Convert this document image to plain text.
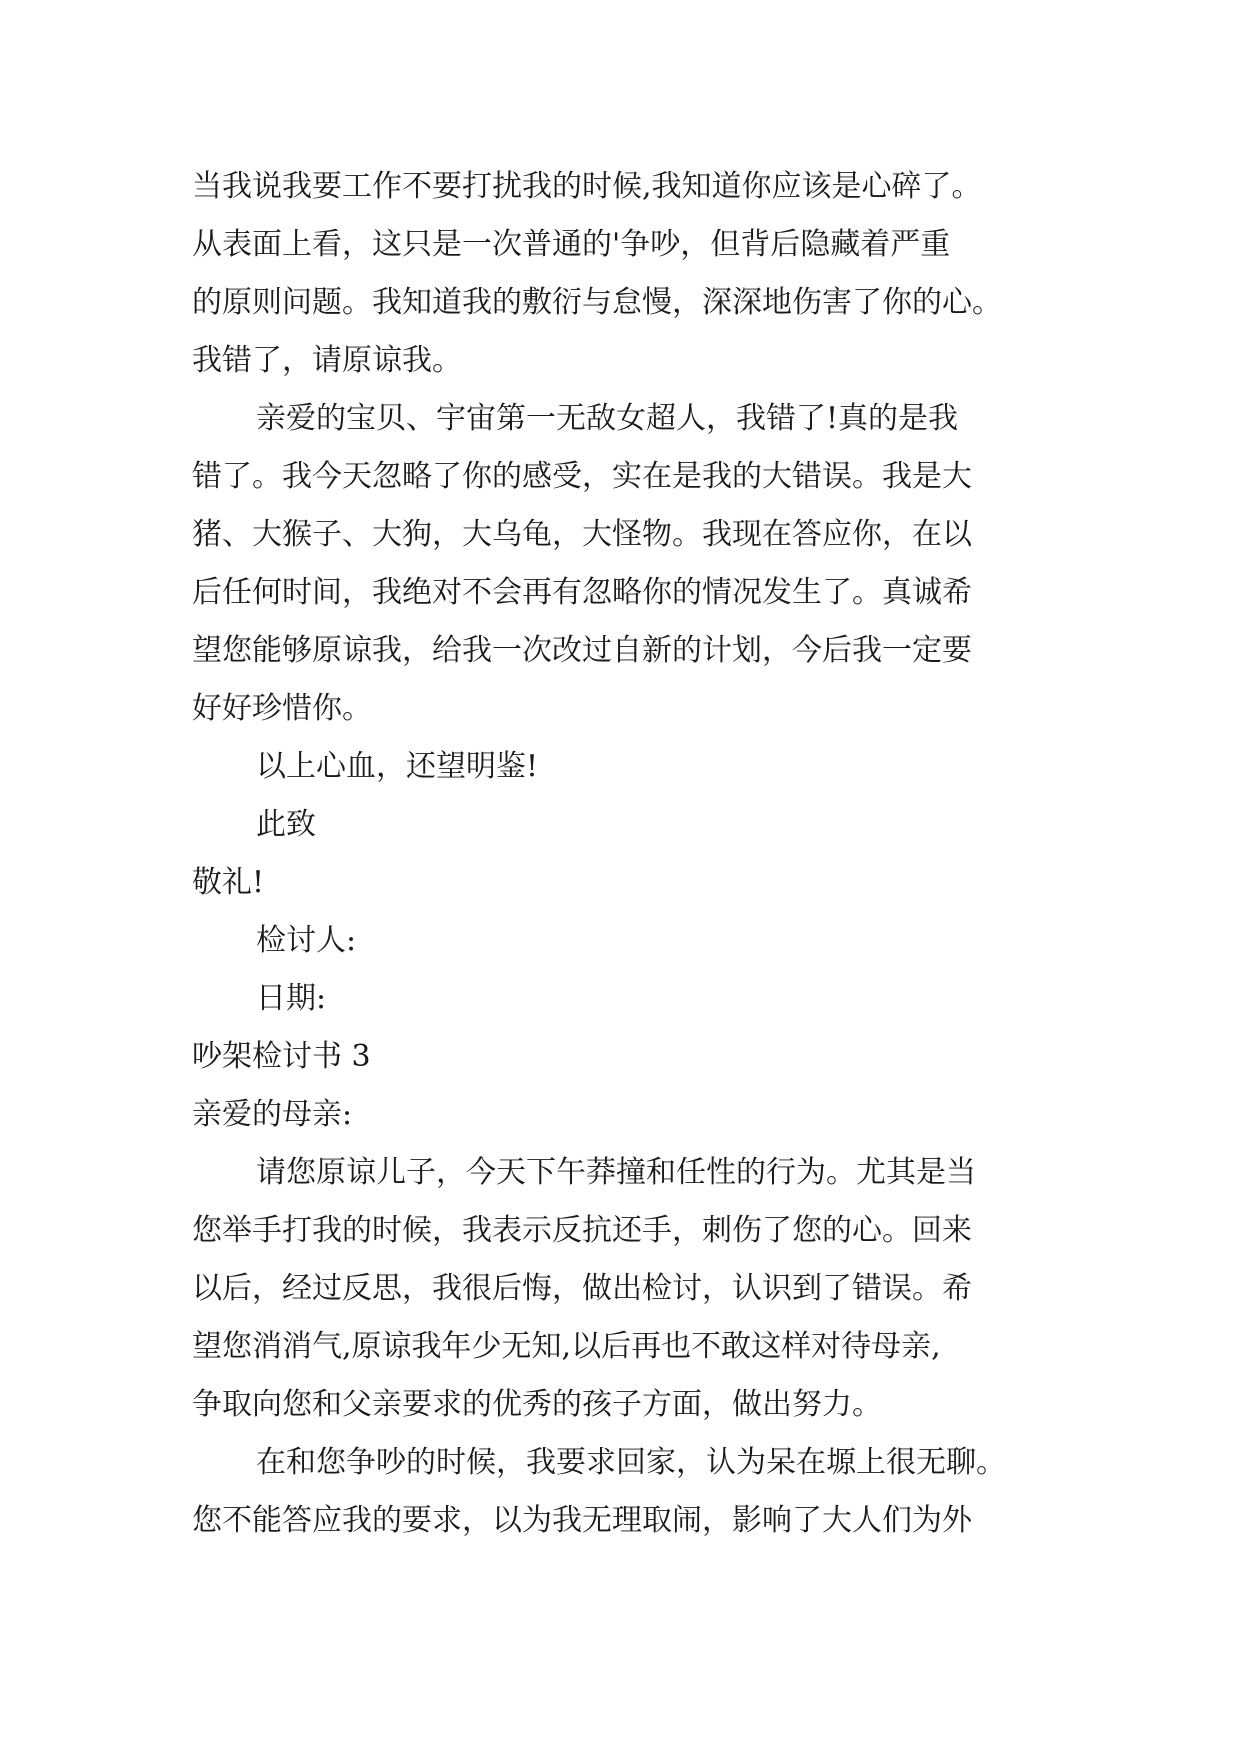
当我说我要工作不要打扰我的时候,我知道你应该是心碎了。
从表面上看，这只是一次普通的'争吵，但背后隐藏着严重
的原则问题。我知道我的敷衍与怠慢，深深地伤害了你的心。
我错了，请原谅我。
亲爱的宝贝、宇宙第一无敌女超人，我错了!真的是我
错了。我今天忽略了你的感受，实在是我的大错误。我是大
猪、大猴子、大狗，大乌龟，大怪物。我现在答应你，在以
后任何时间，我绝对不会再有忽略你的情况发生了。真诚希
望您能够原谅我，给我一次改过自新的计划，今后我一定要
好好珍惜你。
以上心血，还望明鉴!
此致
敬礼!
检讨人:
日期:
吵架检讨书 3
亲爱的母亲:
请您原谅儿子，今天下午莽撞和任性的行为。尤其是当
您举手打我的时候，我表示反抗还手，刺伤了您的心。回来
以后，经过反思，我很后悔，做出检讨，认识到了错误。希
望您消消气,原谅我年少无知,以后再也不敢这样对待母亲,
争取向您和父亲要求的优秀的孩子方面，做出努力。
在和您争吵的时候，我要求回家，认为呆在塬上很无聊。
您不能答应我的要求，以为我无理取闹，影响了大人们为外
